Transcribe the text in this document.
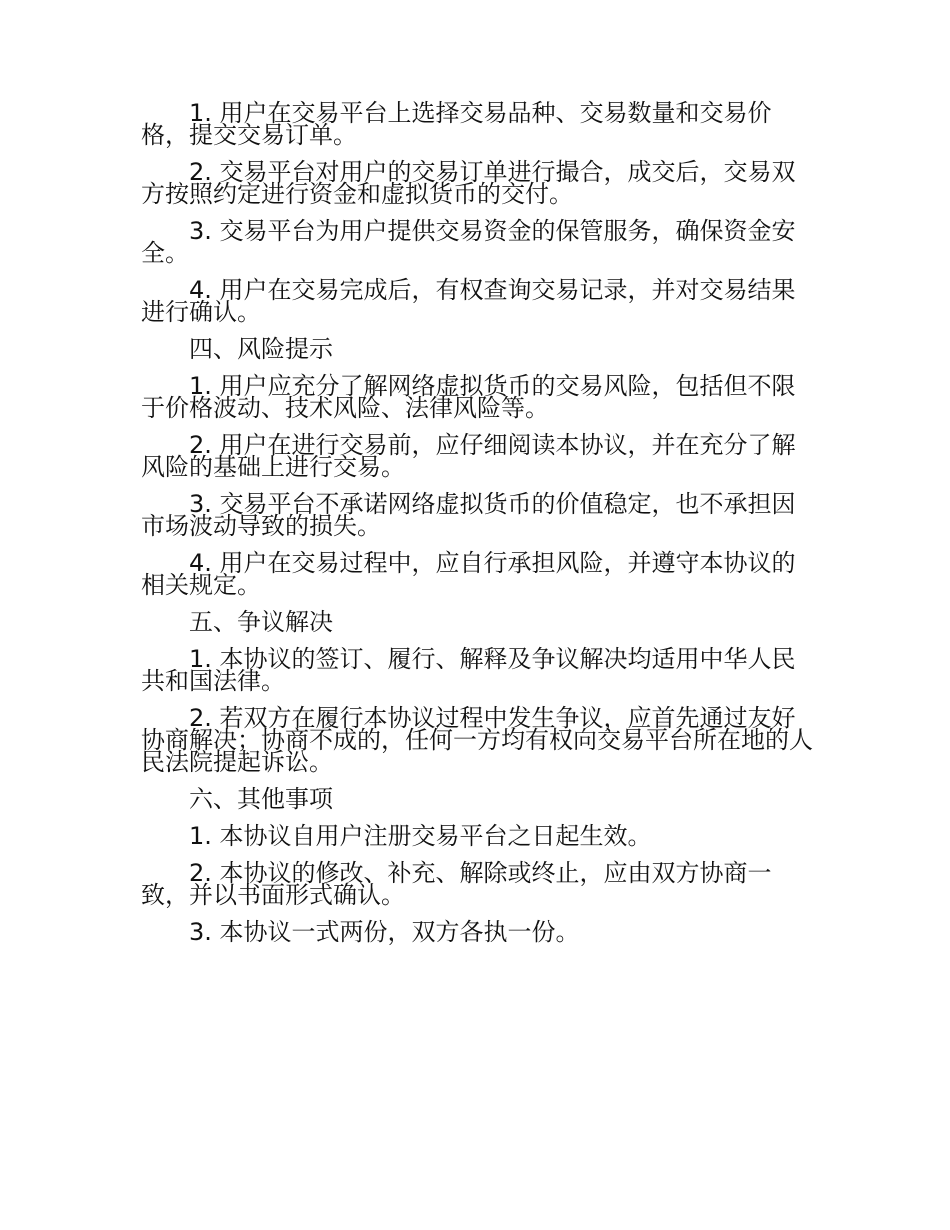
1. 用户在交易平台上选择交易品种、交易数量和交易价格，提交交易订单。

2. 交易平台对用户的交易订单进行撮合，成交后，交易双方按照约定进行资金和虚拟货币的交付。

3. 交易平台为用户提供交易资金的保管服务，确保资金安全。

4. 用户在交易完成后，有权查询交易记录，并对交易结果进行确认。

四、风险提示

1. 用户应充分了解网络虚拟货币的交易风险，包括但不限于价格波动、技术风险、法律风险等。

2. 用户在进行交易前，应仔细阅读本协议，并在充分了解风险的基础上进行交易。

3. 交易平台不承诺网络虚拟货币的价值稳定，也不承担因市场波动导致的损失。

4. 用户在交易过程中，应自行承担风险，并遵守本协议的相关规定。

五、争议解决

1. 本协议的签订、履行、解释及争议解决均适用中华人民共和国法律。

2. 若双方在履行本协议过程中发生争议，应首先通过友好协商解决；协商不成的，任何一方均有权向交易平台所在地的人民法院提起诉讼。

六、其他事项

1. 本协议自用户注册交易平台之日起生效。

2. 本协议的修改、补充、解除或终止，应由双方协商一致，并以书面形式确认。

3. 本协议一式两份，双方各执一份。
